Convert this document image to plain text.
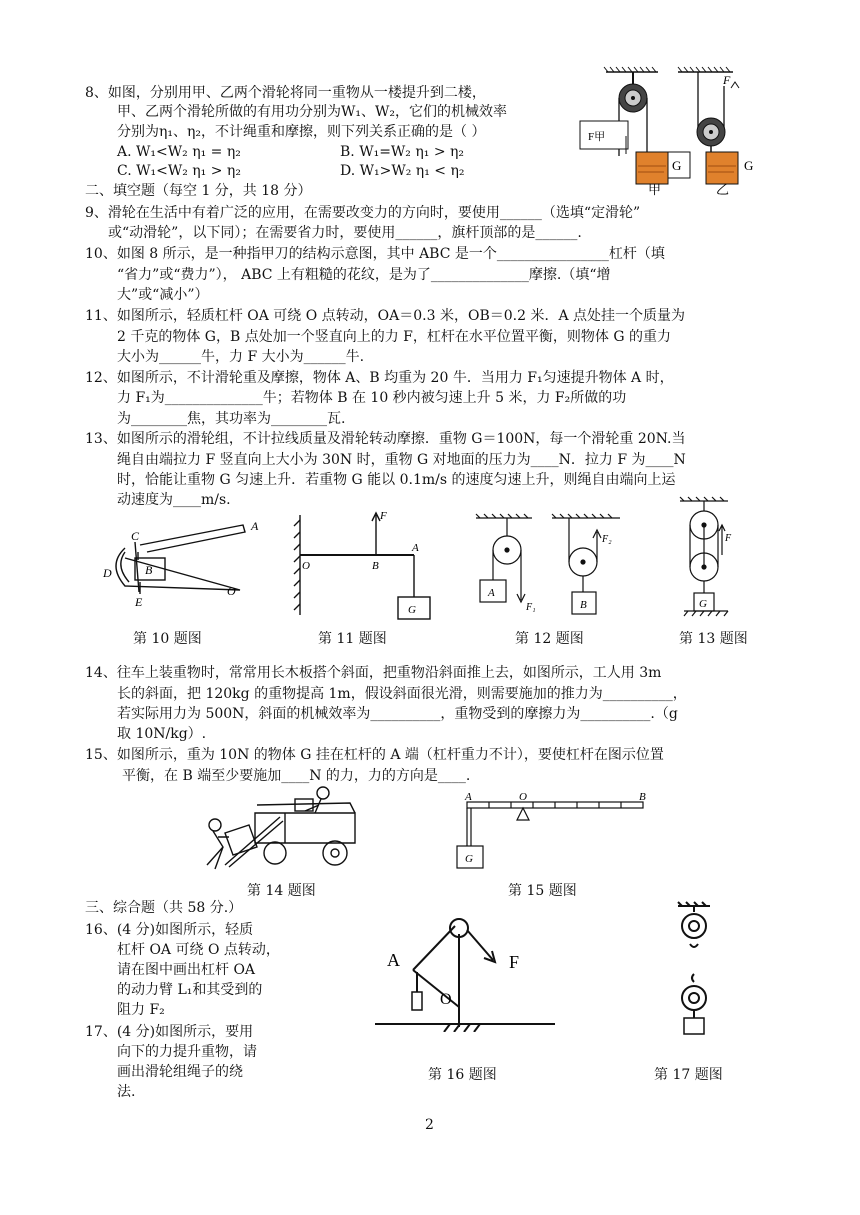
8、如图，分别用甲、乙两个滑轮将同一重物从一楼提升到二楼，
甲、乙两个滑轮所做的有用功分别为W₁、W₂，它们的机械效率
分别为η₁、η₂，不计绳重和摩擦，则下列关系正确的是（ ）
A. W₁<W₂ η₁ = η₂	B. W₁=W₂ η₁ > η₂
C. W₁<W₂ η₁ > η₂	D. W₁>W₂ η₁ < η₂
二、填空题（每空 1 分，共 18 分）
9、滑轮在生活中有着广泛的应用，在需要改变力的方向时，要使用______（选填“定滑轮”
或“动滑轮”，以下同）；在需要省力时，要使用______，旗杆顶部的是______.
10、如图 8 所示，是一种指甲刀的结构示意图，其中 ABC 是一个________________杠杆（填
“省力”或“费力”）， ABC 上有粗糙的花纹，是为了______________摩擦.（填“增
大”或“减小”）
11、如图所示，轻质杠杆 OA 可绕 O 点转动，OA＝0.3 米，OB＝0.2 米．A 点处挂一个质量为
2 千克的物体 G，B 点处加一个竖直向上的力 F，杠杆在水平位置平衡，则物体 G 的重力
大小为______牛，力 F 大小为______牛.
12、如图所示，不计滑轮重及摩擦，物体 A、B 均重为 20 牛．当用力 F₁匀速提升物体 A 时，
力 F₁为______________牛；若物体 B 在 10 秒内被匀速上升 5 米，力 F₂所做的功
为________焦，其功率为________瓦.
13、如图所示的滑轮组，不计拉线质量及滑轮转动摩擦．重物 G＝100N，每一个滑轮重 20N.当
绳自由端拉力 F 竖直向上大小为 30N 时，重物 G 对地面的压力为____N．拉力 F 为____N
时，恰能让重物 G 匀速上升．若重物 G 能以 0.1m/s 的速度匀速上升，则绳自由端向上运
动速度为____m/s.
14、往车上装重物时，常常用长木板搭个斜面，把重物沿斜面推上去，如图所示，工人用 3m
长的斜面，把 120kg 的重物提高 1m，假设斜面很光滑，则需要施加的推力为__________，
若实际用力为 500N，斜面的机械效率为__________，重物受到的摩擦力为__________.（g
取 10N/kg）.
15、如图所示，重为 10N 的物体 G 挂在杠杆的 A 端（杠杆重力不计），要使杠杆在图示位置
平衡，在 B 端至少要施加____N 的力，力的方向是____.
三、综合题（共 58 分.）
16、(4 分)如图所示，轻质
杠杆 OA 可绕 O 点转动，
请在图中画出杠杆 OA
的动力臂 L₁和其受到的
阻力 F₂
17、(4 分)如图所示，要用
向下的力提升重物，请
画出滑轮组绳子的绕
法.
F甲
G
甲
F
G
乙
C
A
D	B
E
O
F
O	B
A
G
A
F₁
F₂
B
F
G
第 10 题图	第 11 题图	第 12 题图	第 13 题图
A	O	B
G
第 14 题图	第 15 题图
A	F
O
第 16 题图	第 17 题图
2
